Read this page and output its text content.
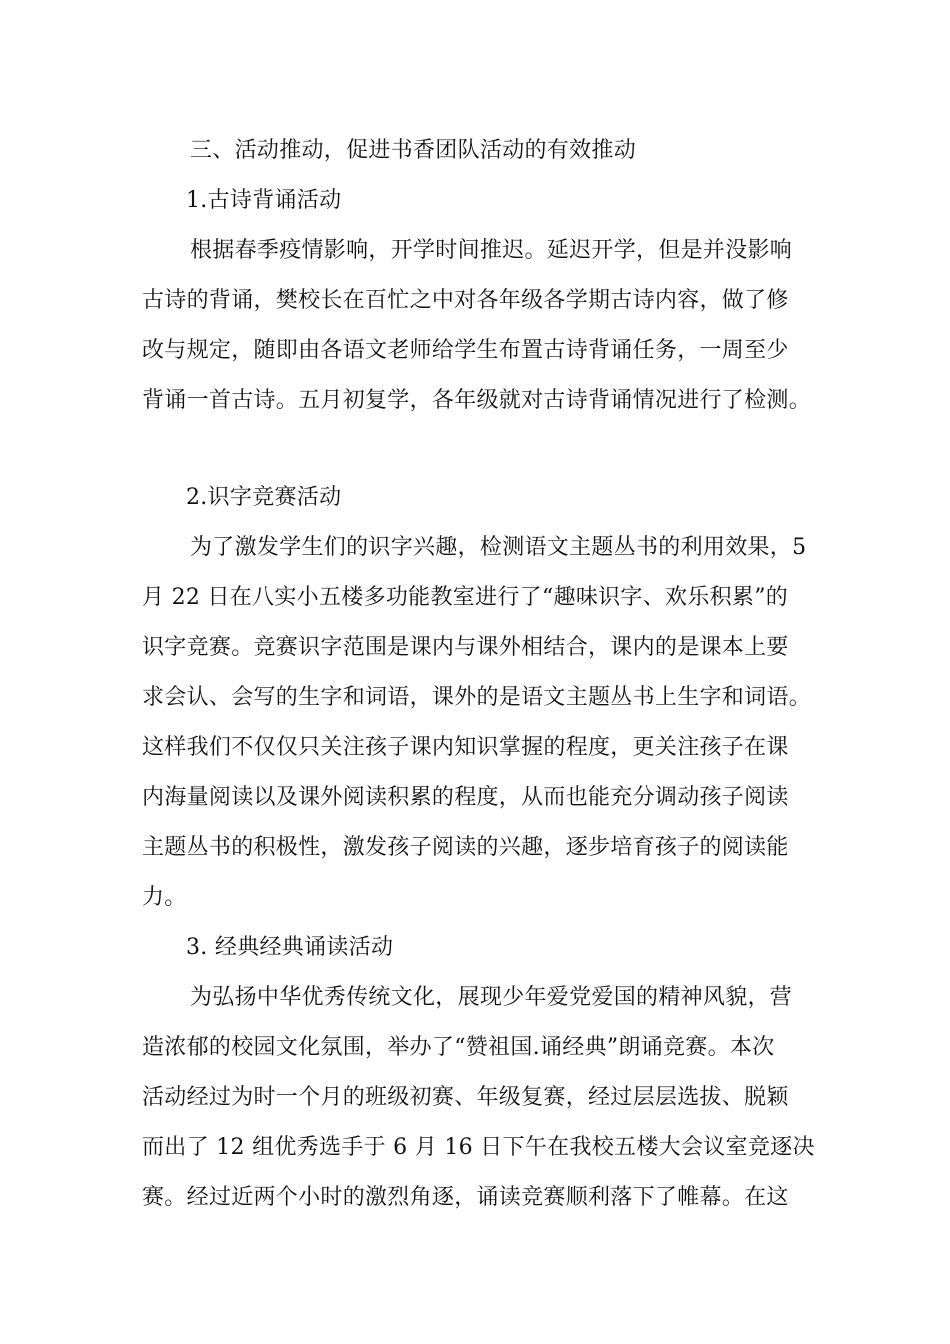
三、活动推动，促进书香团队活动的有效推动
1.古诗背诵活动
根据春季疫情影响，开学时间推迟。延迟开学，但是并没影响
古诗的背诵，樊校长在百忙之中对各年级各学期古诗内容，做了修
改与规定，随即由各语文老师给学生布置古诗背诵任务，一周至少
背诵一首古诗。五月初复学，各年级就对古诗背诵情况进行了检测。
2.识字竞赛活动
为了激发学生们的识字兴趣，检测语文主题丛书的利用效果，5
月 22 日在八实小五楼多功能教室进行了“趣味识字、欢乐积累”的
识字竞赛。竞赛识字范围是课内与课外相结合，课内的是课本上要
求会认、会写的生字和词语，课外的是语文主题丛书上生字和词语。
这样我们不仅仅只关注孩子课内知识掌握的程度，更关注孩子在课
内海量阅读以及课外阅读积累的程度，从而也能充分调动孩子阅读
主题丛书的积极性，激发孩子阅读的兴趣，逐步培育孩子的阅读能
力。
3. 经典经典诵读活动
为弘扬中华优秀传统文化，展现少年爱党爱国的精神风貌，营
造浓郁的校园文化氛围，举办了“赞祖国.诵经典”朗诵竞赛。本次
活动经过为时一个月的班级初赛、年级复赛，经过层层选拔、脱颖
而出了 12 组优秀选手于 6 月 16 日下午在我校五楼大会议室竞逐决
赛。经过近两个小时的激烈角逐，诵读竞赛顺利落下了帷幕。在这
